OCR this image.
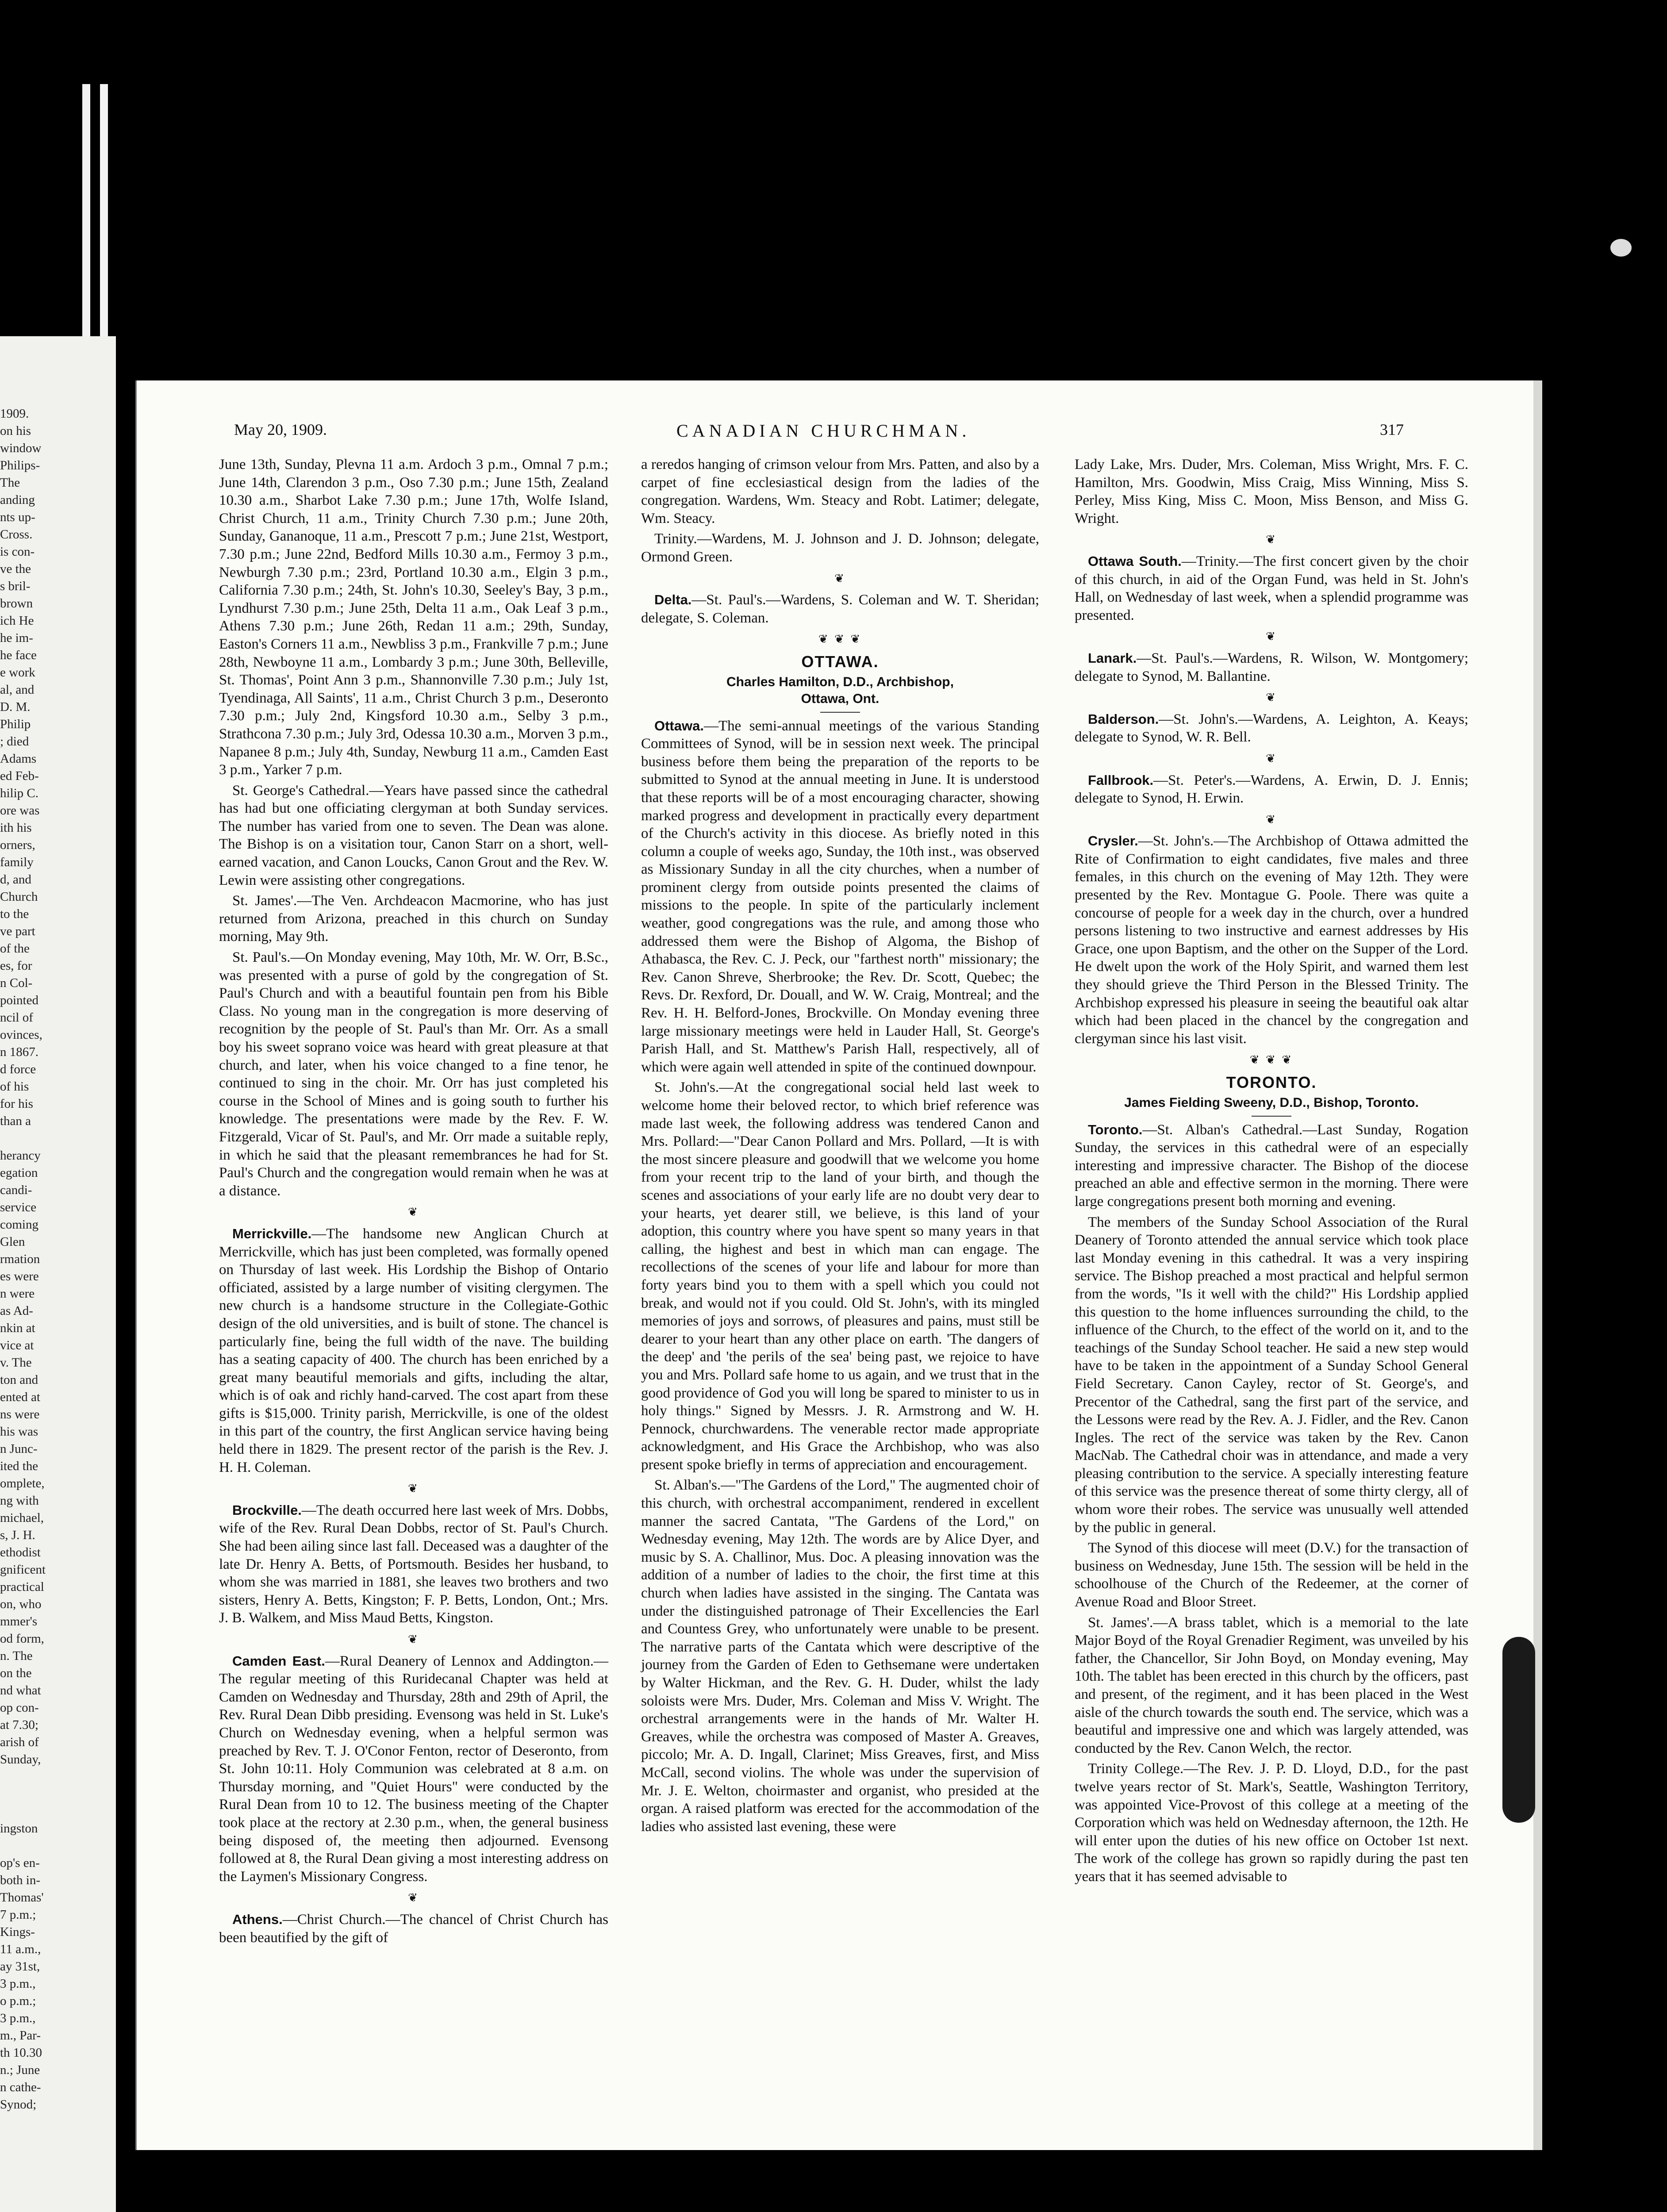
1909.
on his
window
Philips-
The
anding
nts up-
Cross.
is con-
ve the
s bril-
brown
ich He
he im-
he face
e work
al, and
D. M.
Philip
; died
Adams
ed Feb-
hilip C.
ore was
ith his
orners,
family
d, and
Church
to the
ve part
of the
es, for
n Col-
pointed
ncil of
ovinces,
n 1867.
d force
of his
for his
than a
herancy
egation
candi-
service
coming
Glen
rmation
es were
n were
as Ad-
nkin at
vice at
v. The
ton and
ented at
ns were
his was
n Junc-
ited the
omplete,
ng with
michael,
s, J. H.
ethodist
gnificent
practical
on, who
mmer's
od form,
n. The
on the
nd what
op con-
at 7.30;
arish of
Sunday,
ingston
op's en-
both in-
Thomas'
7 p.m.;
Kings-
11 a.m.,
ay 31st,
3 p.m.,
o p.m.;
3 p.m.,
m., Par-
th 10.30
n.; June
n cathe-
Synod;
May 20, 1909.	CANADIAN CHURCHMAN.	317

June 13th, Sunday, Plevna 11 a.m. Ardoch 3 p.m., Omnal 7 p.m.; June 14th, Clarendon 3 p.m., Oso 7.30 p.m.; June 15th, Zealand 10.30 a.m., Sharbot Lake 7.30 p.m.; June 17th, Wolfe Island, Christ Church, 11 a.m., Trinity Church 7.30 p.m.; June 20th, Sunday, Gananoque, 11 a.m., Prescott 7 p.m.; June 21st, Westport, 7.30 p.m.; June 22nd, Bedford Mills 10.30 a.m., Fermoy 3 p.m., Newburgh 7.30 p.m.; 23rd, Portland 10.30 a.m., Elgin 3 p.m., California 7.30 p.m.; 24th, St. John's 10.30, Seeley's Bay, 3 p.m., Lyndhurst 7.30 p.m.; June 25th, Delta 11 a.m., Oak Leaf 3 p.m., Athens 7.30 p.m.; June 26th, Redan 11 a.m.; 29th, Sunday, Easton's Corners 11 a.m., Newbliss 3 p.m., Frankville 7 p.m.; June 28th, Newboyne 11 a.m., Lombardy 3 p.m.; June 30th, Belleville, St. Thomas', Point Ann 3 p.m., Shannonville 7.30 p.m.; July 1st, Tyendinaga, All Saints', 11 a.m., Christ Church 3 p.m., Deseronto 7.30 p.m.; July 2nd, Kingsford 10.30 a.m., Selby 3 p.m., Strathcona 7.30 p.m.; July 3rd, Odessa 10.30 a.m., Morven 3 p.m., Napanee 8 p.m.; July 4th, Sunday, Newburg 11 a.m., Camden East 3 p.m., Yarker 7 p.m.

St. George's Cathedral.—Years have passed since the cathedral has had but one officiating clergyman at both Sunday services. The number has varied from one to seven. The Dean was alone. The Bishop is on a visitation tour, Canon Starr on a short, well-earned vacation, and Canon Loucks, Canon Grout and the Rev. W. Lewin were assisting other congregations.

St. James'.—The Ven. Archdeacon Macmorine, who has just returned from Arizona, preached in this church on Sunday morning, May 9th.

St. Paul's.—On Monday evening, May 10th, Mr. W. Orr, B.Sc., was presented with a purse of gold by the congregation of St. Paul's Church and with a beautiful fountain pen from his Bible Class. No young man in the congregation is more deserving of recognition by the people of St. Paul's than Mr. Orr. As a small boy his sweet soprano voice was heard with great pleasure at that church, and later, when his voice changed to a fine tenor, he continued to sing in the choir. Mr. Orr has just completed his course in the School of Mines and is going south to further his knowledge. The presentations were made by the Rev. F. W. Fitzgerald, Vicar of St. Paul's, and Mr. Orr made a suitable reply, in which he said that the pleasant remembrances he had for St. Paul's Church and the congregation would remain when he was at a distance.

❦

Merrickville.—The handsome new Anglican Church at Merrickville, which has just been completed, was formally opened on Thursday of last week. His Lordship the Bishop of Ontario officiated, assisted by a large number of visiting clergymen. The new church is a handsome structure in the Collegiate-Gothic design of the old universities, and is built of stone. The chancel is particularly fine, being the full width of the nave. The building has a seating capacity of 400. The church has been enriched by a great many beautiful memorials and gifts, including the altar, which is of oak and richly hand-carved. The cost apart from these gifts is $15,000. Trinity parish, Merrickville, is one of the oldest in this part of the country, the first Anglican service having being held there in 1829. The present rector of the parish is the Rev. J. H. H. Coleman.

❦

Brockville.—The death occurred here last week of Mrs. Dobbs, wife of the Rev. Rural Dean Dobbs, rector of St. Paul's Church. She had been ailing since last fall. Deceased was a daughter of the late Dr. Henry A. Betts, of Portsmouth. Besides her husband, to whom she was married in 1881, she leaves two brothers and two sisters, Henry A. Betts, Kingston; F. P. Betts, London, Ont.; Mrs. J. B. Walkem, and Miss Maud Betts, Kingston.

❦

Camden East.—Rural Deanery of Lennox and Addington.—The regular meeting of this Ruridecanal Chapter was held at Camden on Wednesday and Thursday, 28th and 29th of April, the Rev. Rural Dean Dibb presiding. Evensong was held in St. Luke's Church on Wednesday evening, when a helpful sermon was preached by Rev. T. J. O'Conor Fenton, rector of Deseronto, from St. John 10:11. Holy Communion was celebrated at 8 a.m. on Thursday morning, and "Quiet Hours" were conducted by the Rural Dean from 10 to 12. The business meeting of the Chapter took place at the rectory at 2.30 p.m., when, the general business being disposed of, the meeting then adjourned. Evensong followed at 8, the Rural Dean giving a most interesting address on the Laymen's Missionary Congress.

❦

Athens.—Christ Church.—The chancel of Christ Church has been beautified by the gift of

a reredos hanging of crimson velour from Mrs. Patten, and also by a carpet of fine ecclesiastical design from the ladies of the congregation. Wardens, Wm. Steacy and Robt. Latimer; delegate, Wm. Steacy.

Trinity.—Wardens, M. J. Johnson and J. D. Johnson; delegate, Ormond Green.

❦

Delta.—St. Paul's.—Wardens, S. Coleman and W. T. Sheridan; delegate, S. Coleman.

❦ ❦ ❦
OTTAWA.
Charles Hamilton, D.D., Archbishop,
Ottawa, Ont.

Ottawa.—The semi-annual meetings of the various Standing Committees of Synod, will be in session next week. The principal business before them being the preparation of the reports to be submitted to Synod at the annual meeting in June. It is understood that these reports will be of a most encouraging character, showing marked progress and development in practically every department of the Church's activity in this diocese. As briefly noted in this column a couple of weeks ago, Sunday, the 10th inst., was observed as Missionary Sunday in all the city churches, when a number of prominent clergy from outside points presented the claims of missions to the people. In spite of the particularly inclement weather, good congregations was the rule, and among those who addressed them were the Bishop of Algoma, the Bishop of Athabasca, the Rev. C. J. Peck, our "farthest north" missionary; the Rev. Canon Shreve, Sherbrooke; the Rev. Dr. Scott, Quebec; the Revs. Dr. Rexford, Dr. Douall, and W. W. Craig, Montreal; and the Rev. H. H. Belford-Jones, Brockville. On Monday evening three large missionary meetings were held in Lauder Hall, St. George's Parish Hall, and St. Matthew's Parish Hall, respectively, all of which were again well attended in spite of the continued downpour.

St. John's.—At the congregational social held last week to welcome home their beloved rector, to which brief reference was made last week, the following address was tendered Canon and Mrs. Pollard:—"Dear Canon Pollard and Mrs. Pollard, —It is with the most sincere pleasure and goodwill that we welcome you home from your recent trip to the land of your birth, and though the scenes and associations of your early life are no doubt very dear to your hearts, yet dearer still, we believe, is this land of your adoption, this country where you have spent so many years in that calling, the highest and best in which man can engage. The recollections of the scenes of your life and labour for more than forty years bind you to them with a spell which you could not break, and would not if you could. Old St. John's, with its mingled memories of joys and sorrows, of pleasures and pains, must still be dearer to your heart than any other place on earth. 'The dangers of the deep' and 'the perils of the sea' being past, we rejoice to have you and Mrs. Pollard safe home to us again, and we trust that in the good providence of God you will long be spared to minister to us in holy things." Signed by Messrs. J. R. Armstrong and W. H. Pennock, churchwardens. The venerable rector made appropriate acknowledgment, and His Grace the Archbishop, who was also present spoke briefly in terms of appreciation and encouragement.

St. Alban's.—"The Gardens of the Lord," The augmented choir of this church, with orchestral accompaniment, rendered in excellent manner the sacred Cantata, "The Gardens of the Lord," on Wednesday evening, May 12th. The words are by Alice Dyer, and music by S. A. Challinor, Mus. Doc. A pleasing innovation was the addition of a number of ladies to the choir, the first time at this church when ladies have assisted in the singing. The Cantata was under the distinguished patronage of Their Excellencies the Earl and Countess Grey, who unfortunately were unable to be present. The narrative parts of the Cantata which were descriptive of the journey from the Garden of Eden to Gethsemane were undertaken by Walter Hickman, and the Rev. G. H. Duder, whilst the lady soloists were Mrs. Duder, Mrs. Coleman and Miss V. Wright. The orchestral arrangements were in the hands of Mr. Walter H. Greaves, while the orchestra was composed of Master A. Greaves, piccolo; Mr. A. D. Ingall, Clarinet; Miss Greaves, first, and Miss McCall, second violins. The whole was under the supervision of Mr. J. E. Welton, choirmaster and organist, who presided at the organ. A raised platform was erected for the accommodation of the ladies who assisted last evening, these were

Lady Lake, Mrs. Duder, Mrs. Coleman, Miss Wright, Mrs. F. C. Hamilton, Mrs. Goodwin, Miss Craig, Miss Winning, Miss S. Perley, Miss King, Miss C. Moon, Miss Benson, and Miss G. Wright.

❦

Ottawa South.—Trinity.—The first concert given by the choir of this church, in aid of the Organ Fund, was held in St. John's Hall, on Wednesday of last week, when a splendid programme was presented.

❦

Lanark.—St. Paul's.—Wardens, R. Wilson, W. Montgomery; delegate to Synod, M. Ballantine.

❦

Balderson.—St. John's.—Wardens, A. Leighton, A. Keays; delegate to Synod, W. R. Bell.

❦

Fallbrook.—St. Peter's.—Wardens, A. Erwin, D. J. Ennis; delegate to Synod, H. Erwin.

❦

Crysler.—St. John's.—The Archbishop of Ottawa admitted the Rite of Confirmation to eight candidates, five males and three females, in this church on the evening of May 12th. They were presented by the Rev. Montague G. Poole. There was quite a concourse of people for a week day in the church, over a hundred persons listening to two instructive and earnest addresses by His Grace, one upon Baptism, and the other on the Supper of the Lord. He dwelt upon the work of the Holy Spirit, and warned them lest they should grieve the Third Person in the Blessed Trinity. The Archbishop expressed his pleasure in seeing the beautiful oak altar which had been placed in the chancel by the congregation and clergyman since his last visit.

❦ ❦ ❦
TORONTO.
James Fielding Sweeny, D.D., Bishop, Toronto.

Toronto.—St. Alban's Cathedral.—Last Sunday, Rogation Sunday, the services in this cathedral were of an especially interesting and impressive character. The Bishop of the diocese preached an able and effective sermon in the morning. There were large congregations present both morning and evening.

The members of the Sunday School Association of the Rural Deanery of Toronto attended the annual service which took place last Monday evening in this cathedral. It was a very inspiring service. The Bishop preached a most practical and helpful sermon from the words, "Is it well with the child?" His Lordship applied this question to the home influences surrounding the child, to the influence of the Church, to the effect of the world on it, and to the teachings of the Sunday School teacher. He said a new step would have to be taken in the appointment of a Sunday School General Field Secretary. Canon Cayley, rector of St. George's, and Precentor of the Cathedral, sang the first part of the service, and the Lessons were read by the Rev. A. J. Fidler, and the Rev. Canon Ingles. The rect of the service was taken by the Rev. Canon MacNab. The Cathedral choir was in attendance, and made a very pleasing contribution to the service. A specially interesting feature of this service was the presence thereat of some thirty clergy, all of whom wore their robes. The service was unusually well attended by the public in general.

The Synod of this diocese will meet (D.V.) for the transaction of business on Wednesday, June 15th. The session will be held in the schoolhouse of the Church of the Redeemer, at the corner of Avenue Road and Bloor Street.

St. James'.—A brass tablet, which is a memorial to the late Major Boyd of the Royal Grenadier Regiment, was unveiled by his father, the Chancellor, Sir John Boyd, on Monday evening, May 10th. The tablet has been erected in this church by the officers, past and present, of the regiment, and it has been placed in the West aisle of the church towards the south end. The service, which was a beautiful and impressive one and which was largely attended, was conducted by the Rev. Canon Welch, the rector.

Trinity College.—The Rev. J. P. D. Lloyd, D.D., for the past twelve years rector of St. Mark's, Seattle, Washington Territory, was appointed Vice-Provost of this college at a meeting of the Corporation which was held on Wednesday afternoon, the 12th. He will enter upon the duties of his new office on October 1st next. The work of the college has grown so rapidly during the past ten years that it has seemed advisable to
